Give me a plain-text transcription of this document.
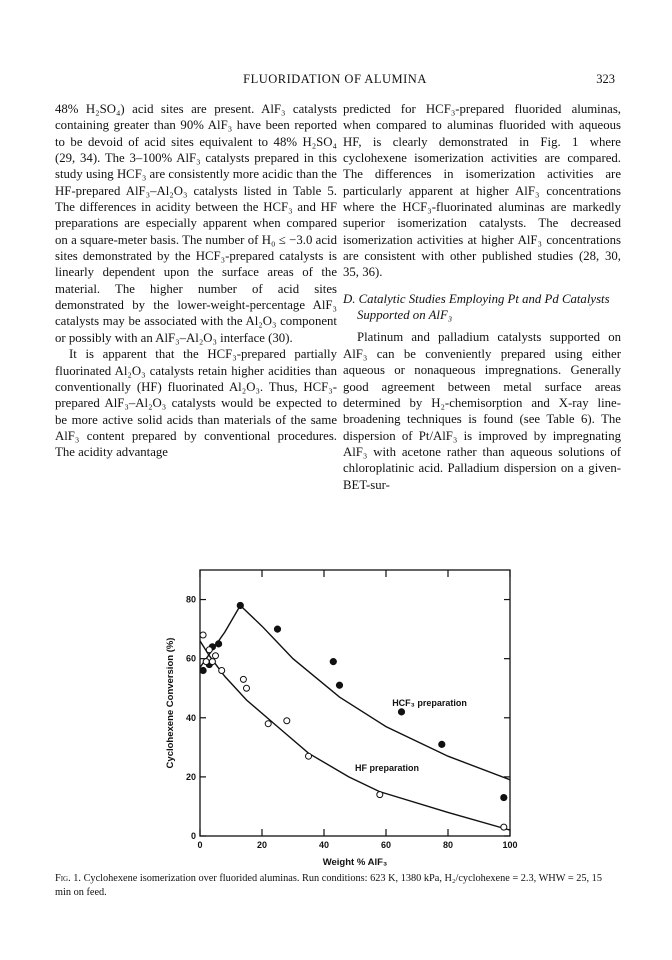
FLUORIDATION OF ALUMINA	323

48% H₂SO₄) acid sites are present. AlF₃ catalysts containing greater than 90% AlF₃ have been reported to be devoid of acid sites equivalent to 48% H₂SO₄ (29, 34). The 3–100% AlF₃ catalysts prepared in this study using HCF₃ are consistently more acidic than the HF-prepared AlF₃–Al₂O₃ catalysts listed in Table 5. The differences in acidity between the HCF₃ and HF preparations are especially apparent when compared on a square-meter basis. The number of H₀ ≤ −3.0 acid sites demonstrated by the HCF₃-prepared catalysts is linearly dependent upon the surface areas of the material. The higher number of acid sites demonstrated by the lower-weight-percentage AlF₃ catalysts may be associated with the Al₂O₃ component or possibly with an AlF₃–Al₂O₃ interface (30).

It is apparent that the HCF₃-prepared partially fluorinated Al₂O₃ catalysts retain higher acidities than conventionally (HF) fluorinated Al₂O₃. Thus, HCF₃-prepared AlF₃–Al₂O₃ catalysts would be expected to be more active solid acids than materials of the same AlF₃ content prepared by conventional procedures. The acidity advantage

predicted for HCF₃-prepared fluorided aluminas, when compared to aluminas fluorided with aqueous HF, is clearly demonstrated in Fig. 1 where cyclohexene isomerization activities are compared. The differences in isomerization activities are particularly apparent at higher AlF₃ concentrations where the HCF₃-fluorinated aluminas are markedly superior isomerization catalysts. The decreased isomerization activities at higher AlF₃ concentrations are consistent with other published studies (28, 30, 35, 36).

D. Catalytic Studies Employing Pt and Pd Catalysts Supported on AlF₃

Platinum and palladium catalysts supported on AlF₃ can be conveniently prepared using either aqueous or nonaqueous impregnations. Generally good agreement between metal surface areas determined by H₂-chemisorption and X-ray line-broadening techniques is found (see Table 6). The dispersion of Pt/AlF₃ is improved by impregnating AlF₃ with acetone rather than aqueous solutions of chloroplatinic acid. Palladium dispersion on a given-BET-sur-

0	20	40	60	80	100
0
20
40
60
80
Weight % AlF₃
Cyclohexene Conversion (%)	HCF₃ preparation
HF preparation
Fig. 1. Cyclohexene isomerization over fluorided aluminas. Run conditions: 623 K, 1380 kPa, H₂/cyclohexene = 2.3, WHW = 25, 15 min on feed.
